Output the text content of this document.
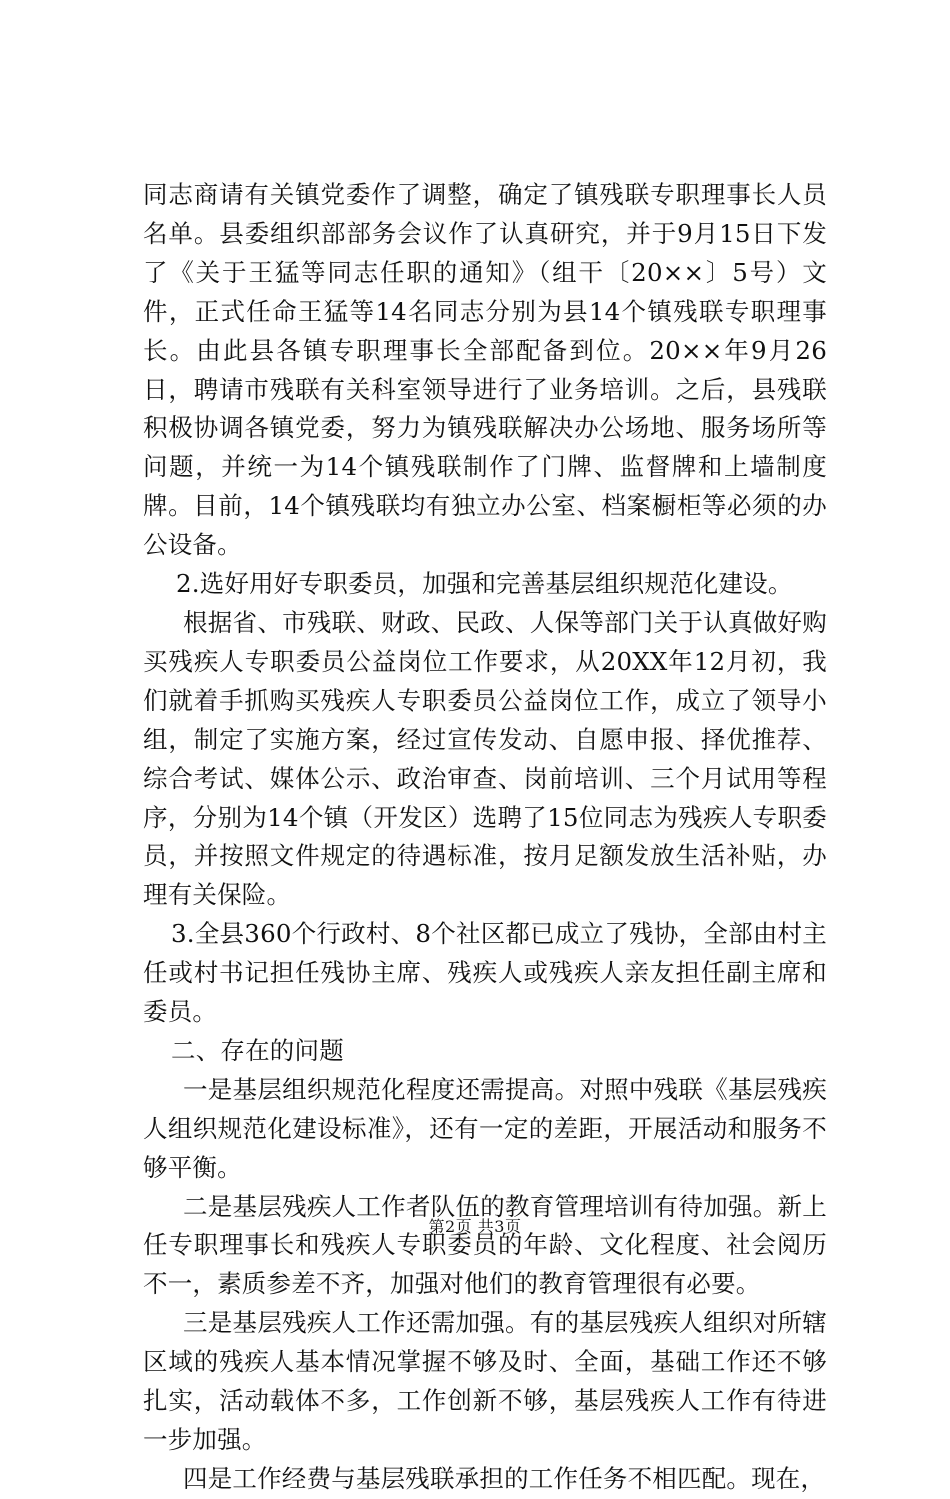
同志商请有关镇党委作了调整，确定了镇残联专职理事长人员名单。县委组织部部务会议作了认真研究，并于9月15日下发了《关于王猛等同志任职的通知》（组干〔20××〕5号）文件，正式任命王猛等14名同志分别为县14个镇残联专职理事长。由此县各镇专职理事长全部配备到位。20××年9月26日，聘请市残联有关科室领导进行了业务培训。之后，县残联积极协调各镇党委，努力为镇残联解决办公场地、服务场所等问题，并统一为14个镇残联制作了门牌、监督牌和上墙制度牌。目前，14个镇残联均有独立办公室、档案橱柜等必须的办公设备。

2.选好用好专职委员，加强和完善基层组织规范化建设。

根据省、市残联、财政、民政、人保等部门关于认真做好购买残疾人专职委员公益岗位工作要求，从20XX年12月初，我们就着手抓购买残疾人专职委员公益岗位工作，成立了领导小组，制定了实施方案，经过宣传发动、自愿申报、择优推荐、综合考试、媒体公示、政治审查、岗前培训、三个月试用等程序，分别为14个镇（开发区）选聘了15位同志为残疾人专职委员，并按照文件规定的待遇标准，按月足额发放生活补贴，办理有关保险。

3.全县360个行政村、8个社区都已成立了残协，全部由村主任或村书记担任残协主席、残疾人或残疾人亲友担任副主席和委员。

二、存在的问题

一是基层组织规范化程度还需提高。对照中残联《基层残疾人组织规范化建设标准》，还有一定的差距，开展活动和服务不够平衡。

二是基层残疾人工作者队伍的教育管理培训有待加强。新上任专职理事长和残疾人专职委员的年龄、文化程度、社会阅历不一，素质参差不齐，加强对他们的教育管理很有必要。

三是基层残疾人工作还需加强。有的基层残疾人组织对所辖区域的残疾人基本情况掌握不够及时、全面，基础工作还不够扎实，活动载体不多，工作创新不够，基层残疾人工作有待进一步加强。

四是工作经费与基层残联承担的工作任务不相匹配。现在，

第2页 共3页
